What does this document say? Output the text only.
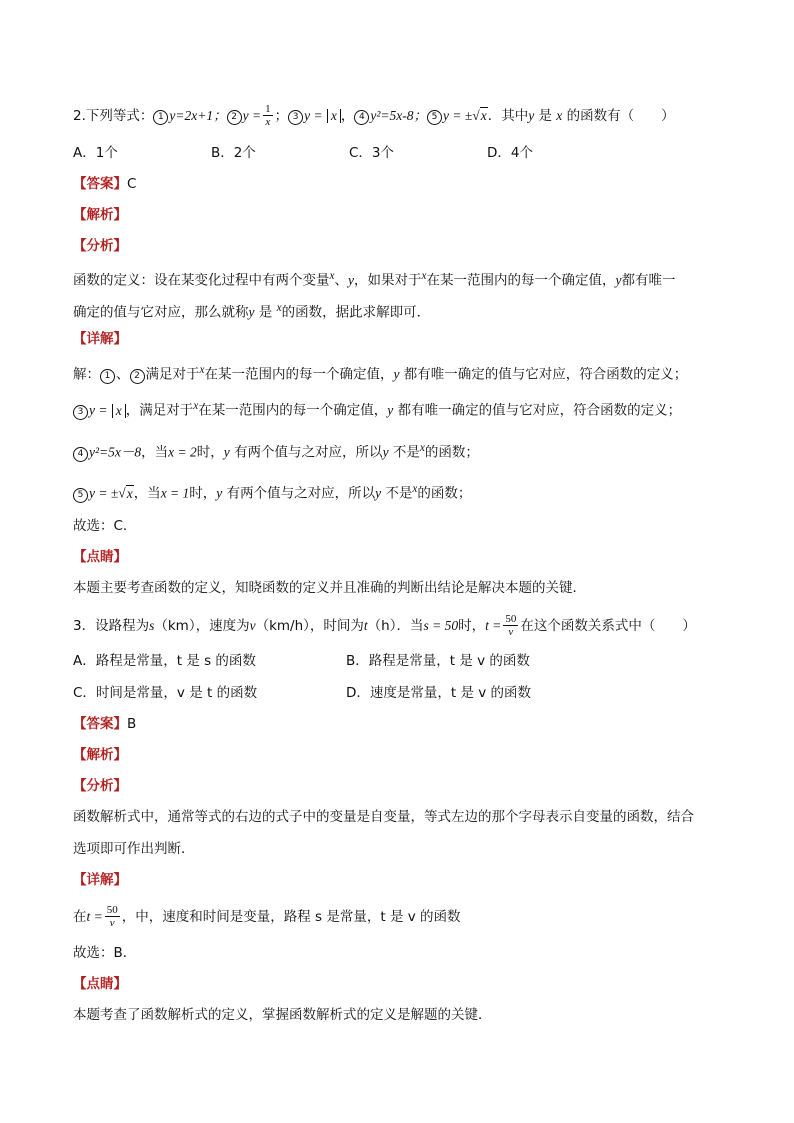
2.下列等式： 1 y=2x+1； 2 $y = \frac{1}{x}$ ； 3 y = x ， 4 y²=5x-8； 5 y = ±√x．其中y 是 x 的函数有（　　）
A．1个	B．2个	C．3个	D．4个
【答案】C
【解析】
【分析】
函数的定义：设在某变化过程中有两个变量$^x$、y，如果对于$^x$在某一范围内的每一个确定值，y都有唯一
确定的值与它对应，那么就称y 是 $^x$的函数，据此求解即可．
【详解】
解： 1 、 2 满足对于$^x$在某一范围内的每一个确定值，y 都有唯一确定的值与它对应，符合函数的定义；
3 y = x ，满足对于$^x$在某一范围内的每一个确定值，y 都有唯一确定的值与它对应，符合函数的定义；
4 y²=5x－8，当x = 2时，y 有两个值与之对应，所以y 不是$^x$的函数；
5 y = ±√x，当x = 1时，y 有两个值与之对应，所以y 不是$^x$的函数；
故选：C．
【点睛】
本题主要考查函数的定义，知晓函数的定义并且准确的判断出结论是解决本题的关键．
3．设路程为s（km），速度为v（km/h），时间为t（h）．当s = 50时，$t = \frac{50}{v}$ 在这个函数关系式中（　　）
A．路程是常量，t 是 s 的函数	B．路程是常量，t 是 v 的函数
C．时间是常量，v 是 t 的函数	D．速度是常量，t 是 v 的函数
【答案】B
【解析】
【分析】
函数解析式中，通常等式的右边的式子中的变量是自变量，等式左边的那个字母表示自变量的函数，结合
选项即可作出判断．
【详解】
在$t = \frac{50}{v}$ ，中，速度和时间是变量，路程 s 是常量，t 是 v 的函数
故选：B．
【点睛】
本题考查了函数解析式的定义，掌握函数解析式的定义是解题的关键．
